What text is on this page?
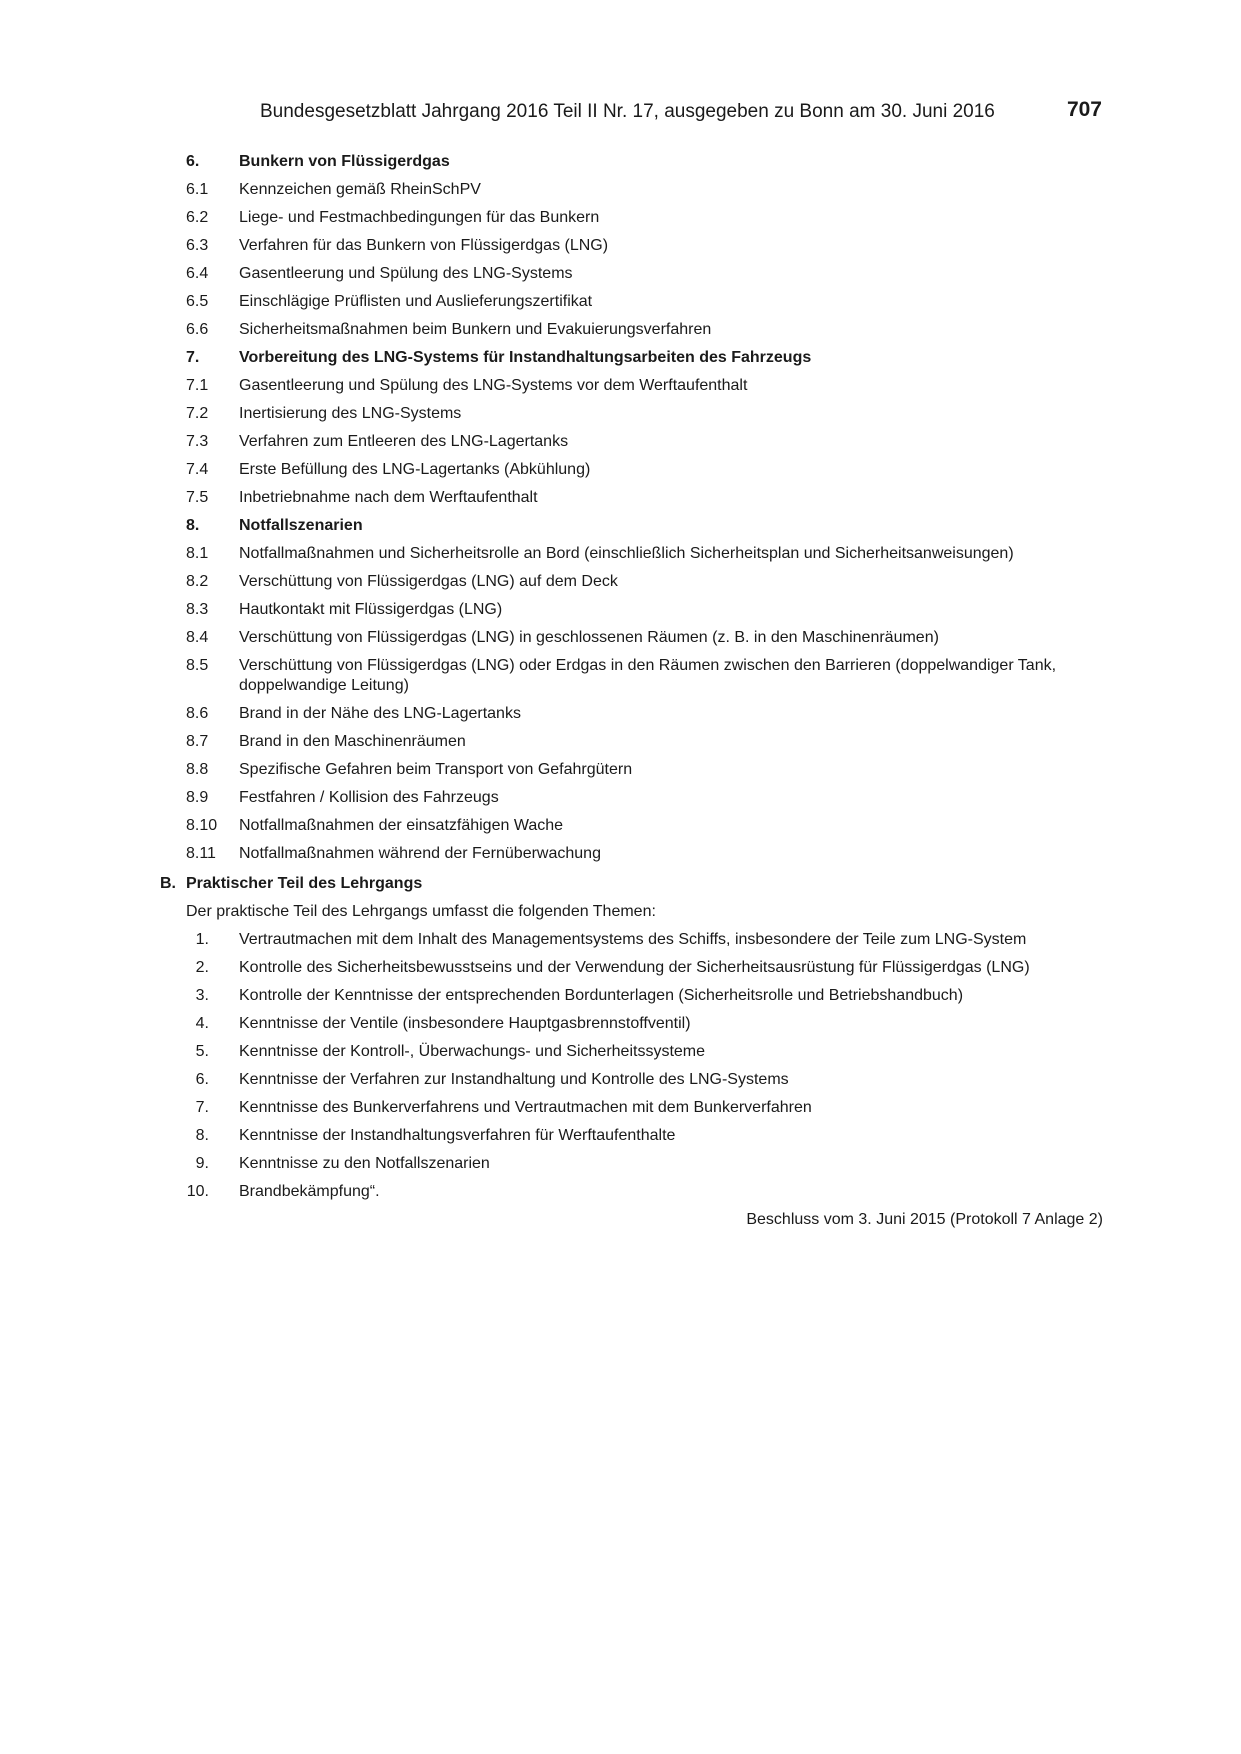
Bundesgesetzblatt Jahrgang 2016 Teil II Nr. 17, ausgegeben zu Bonn am 30. Juni 2016	707
6.	Bunkern von Flüssigerdgas
6.1	Kennzeichen gemäß RheinSchPV
6.2	Liege- und Festmachbedingungen für das Bunkern
6.3	Verfahren für das Bunkern von Flüssigerdgas (LNG)
6.4	Gasentleerung und Spülung des LNG-Systems
6.5	Einschlägige Prüflisten und Auslieferungszertifikat
6.6	Sicherheitsmaßnahmen beim Bunkern und Evakuierungsverfahren
7.	Vorbereitung des LNG-Systems für Instandhaltungsarbeiten des Fahrzeugs
7.1	Gasentleerung und Spülung des LNG-Systems vor dem Werftaufenthalt
7.2	Inertisierung des LNG-Systems
7.3	Verfahren zum Entleeren des LNG-Lagertanks
7.4	Erste Befüllung des LNG-Lagertanks (Abkühlung)
7.5	Inbetriebnahme nach dem Werftaufenthalt
8.	Notfallszenarien
8.1	Notfallmaßnahmen und Sicherheitsrolle an Bord (einschließlich Sicherheitsplan und Sicherheitsanweisungen)
8.2	Verschüttung von Flüssigerdgas (LNG) auf dem Deck
8.3	Hautkontakt mit Flüssigerdgas (LNG)
8.4	Verschüttung von Flüssigerdgas (LNG) in geschlossenen Räumen (z. B. in den Maschinenräumen)
8.5	Verschüttung von Flüssigerdgas (LNG) oder Erdgas in den Räumen zwischen den Barrieren (doppelwandiger Tank, doppelwandige Leitung)
8.6	Brand in der Nähe des LNG-Lagertanks
8.7	Brand in den Maschinenräumen
8.8	Spezifische Gefahren beim Transport von Gefahrgütern
8.9	Festfahren / Kollision des Fahrzeugs
8.10	Notfallmaßnahmen der einsatzfähigen Wache
8.11	Notfallmaßnahmen während der Fernüberwachung
B. Praktischer Teil des Lehrgangs
Der praktische Teil des Lehrgangs umfasst die folgenden Themen:
1.	Vertrautmachen mit dem Inhalt des Managementsystems des Schiffs, insbesondere der Teile zum LNG-System
2.	Kontrolle des Sicherheitsbewusstseins und der Verwendung der Sicherheitsausrüstung für Flüssigerdgas (LNG)
3.	Kontrolle der Kenntnisse der entsprechenden Bordunterlagen (Sicherheitsrolle und Betriebshandbuch)
4.	Kenntnisse der Ventile (insbesondere Hauptgasbrennstoffventil)
5.	Kenntnisse der Kontroll-, Überwachungs- und Sicherheitssysteme
6.	Kenntnisse der Verfahren zur Instandhaltung und Kontrolle des LNG-Systems
7.	Kenntnisse des Bunkerverfahrens und Vertrautmachen mit dem Bunkerverfahren
8.	Kenntnisse der Instandhaltungsverfahren für Werftaufenthalte
9.	Kenntnisse zu den Notfallszenarien
10.	Brandbekämpfung“.
Beschluss vom 3. Juni 2015 (Protokoll 7 Anlage 2)
